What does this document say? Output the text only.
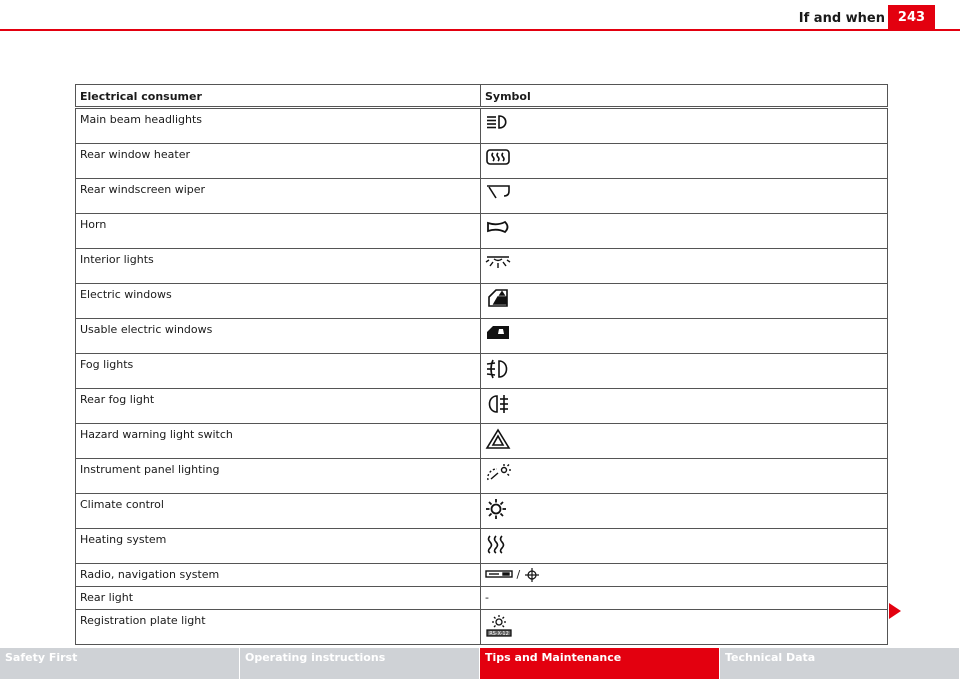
If and when 243
Electrical consumer	Symbol
Main beam headlights	

Rear window heater	

Rear windscreen wiper	

Horn	

Interior lights	

Electric windows	

Usable electric windows	

Fog lights	

Rear fog light	

Hazard warning light switch	

Instrument panel lighting	

Climate control	

Heating system	

Radio, navigation system	/

Rear light	-
Registration plate light	RS·X-12
Safety First	Operating instructions	Tips and Maintenance	Technical Data
